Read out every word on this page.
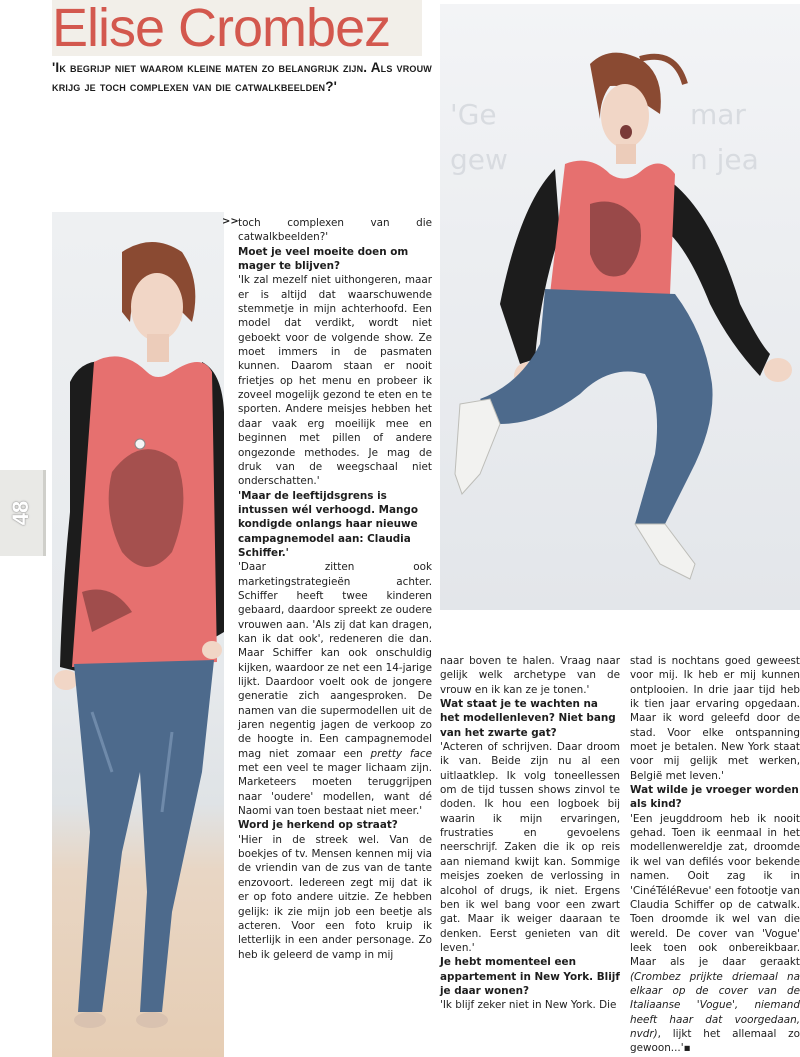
Elise Crombez
'Ik begrijp niet waarom kleine maten zo belangrijk zijn. Als vrouw krijg je toch complexen van die catwalkbeelden?'
48
'Ge
gew
mar
n jea
>> toch complexen van die catwalkbeelden?'

Moet je veel moeite doen om mager te blijven?

'Ik zal mezelf niet uithongeren, maar er is altijd dat waarschuwende stemmetje in mijn achterhoofd. Een model dat verdikt, wordt niet geboekt voor de volgende show. Ze moet immers in de pasmaten kunnen. Daarom staan er nooit frietjes op het menu en probeer ik zoveel mogelijk gezond te eten en te sporten. Andere meisjes hebben het daar vaak erg moeilijk mee en beginnen met pillen of andere ongezonde methodes. Je mag de druk van de weegschaal niet onderschatten.'

'Maar de leeftijdsgrens is intussen wél verhoogd. Mango kondigde onlangs haar nieuwe campagnemodel aan: Claudia Schiffer.'

'Daar zitten ook marketingstrategieën achter. Schiffer heeft twee kinderen gebaard, daardoor spreekt ze oudere vrouwen aan. 'Als zij dat kan dragen, kan ik dat ook', redeneren die dan. Maar Schiffer kan ook onschuldig kijken, waardoor ze net een 14-jarige lijkt. Daardoor voelt ook de jongere generatie zich aangesproken. De namen van die supermodellen uit de jaren negentig jagen de verkoop zo de hoogte in. Een campagnemodel mag niet zomaar een pretty face met een veel te mager lichaam zijn. Marketeers moeten teruggrijpen naar 'oudere' modellen, want dé Naomi van toen bestaat niet meer.'

Word je herkend op straat?

'Hier in de streek wel. Van de boekjes of tv. Mensen kennen mij via de vriendin van de zus van de tante enzovoort. Iedereen zegt mij dat ik er op foto andere uitzie. Ze hebben gelijk: ik zie mijn job een beetje als acteren. Voor een foto kruip ik letterlijk in een ander personage. Zo heb ik geleerd de vamp in mij

naar boven te halen. Vraag naar gelijk welk archetype van de vrouw en ik kan ze je tonen.'

Wat staat je te wachten na het modellenleven? Niet bang van het zwarte gat?

'Acteren of schrijven. Daar droom ik van. Beide zijn nu al een uitlaatklep. Ik volg toneellessen om de tijd tussen shows zinvol te doden. Ik hou een logboek bij waarin ik mijn ervaringen, frustraties en gevoelens neerschrijf. Zaken die ik op reis aan niemand kwijt kan. Sommige meisjes zoeken de verlossing in alcohol of drugs, ik niet. Ergens ben ik wel bang voor een zwart gat. Maar ik weiger daaraan te denken. Eerst genieten van dit leven.'

Je hebt momenteel een appartement in New York. Blijf je daar wonen?

'Ik blijf zeker niet in New York. Die

stad is nochtans goed geweest voor mij. Ik heb er mij kunnen ontplooien. In drie jaar tijd heb ik tien jaar ervaring opgedaan. Maar ik word geleefd door de stad. Voor elke ontspanning moet je betalen. New York staat voor mij gelijk met werken, België met leven.'

Wat wilde je vroeger worden als kind?

'Een jeugddroom heb ik nooit gehad. Toen ik eenmaal in het modellenwereldje zat, droomde ik wel van defilés voor bekende namen. Ooit zag ik in 'CinéTéléRevue' een fotootje van Claudia Schiffer op de catwalk. Toen droomde ik wel van die wereld. De cover van 'Vogue' leek toen ook onbereikbaar. Maar als je daar geraakt (Crombez prijkte driemaal na elkaar op de cover van de Italiaanse 'Vogue', niemand heeft haar dat voorgedaan, nvdr), lijkt het allemaal zo gewoon...'▪
